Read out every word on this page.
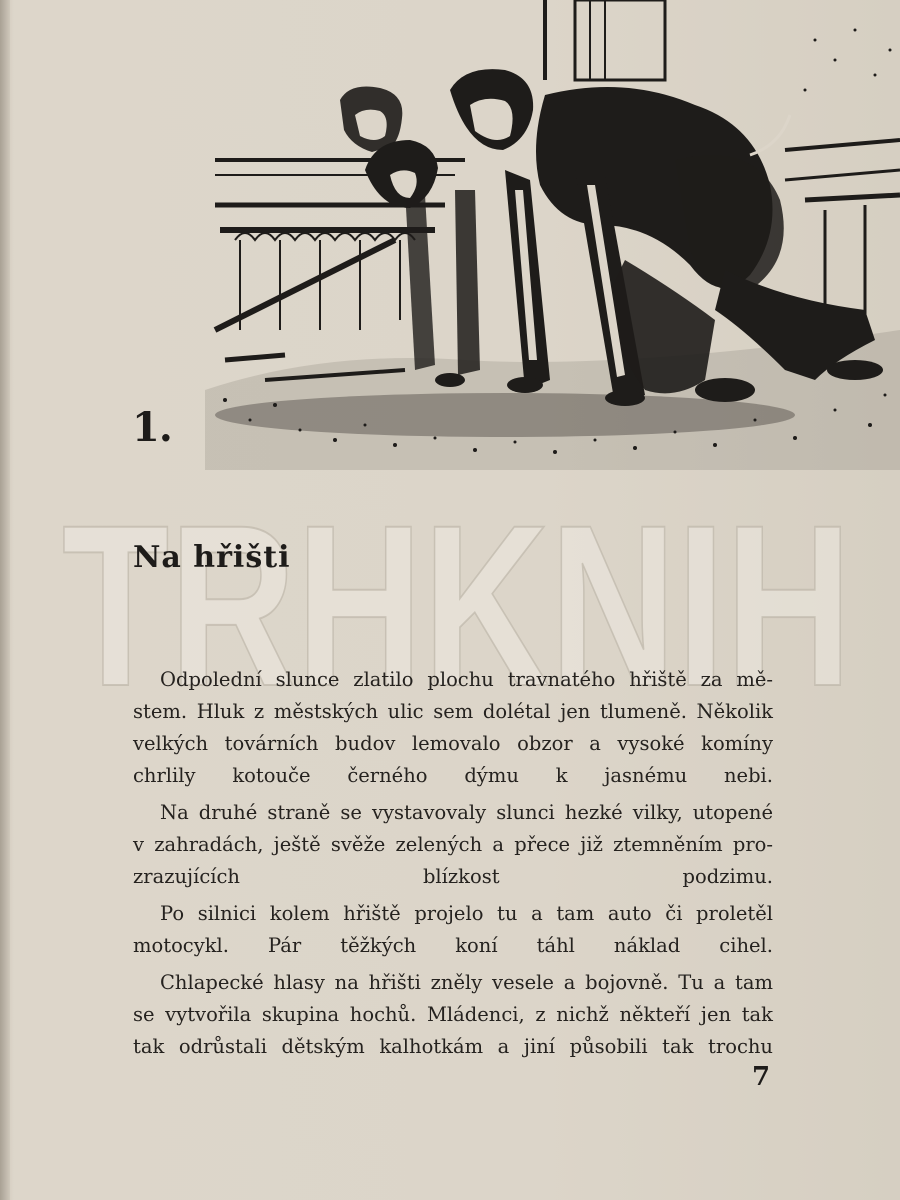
TRHKNIH
1.
Na hřišti

Odpolední slunce zlatilo plochu travnatého hřiště za mě-
stem. Hluk z městských ulic sem dolétal jen tlumeně. Několik
velkých továrních budov lemovalo obzor a vysoké komíny
chrlily kotouče černého dýmu k jasnému nebi.

Na druhé straně se vystavovaly slunci hezké vilky, utopené
v zahradách, ještě svěže zelených a přece již ztemněním pro-
zrazujících blízkost podzimu.

Po silnici kolem hřiště projelo tu a tam auto či proletěl
motocykl. Pár těžkých koní táhl náklad cihel.

Chlapecké hlasy na hřišti zněly vesele a bojovně. Tu a tam
se vytvořila skupina hochů. Mládenci, z nichž někteří jen tak
tak odrůstali dětským kalhotkám a jiní působili tak trochu

7
